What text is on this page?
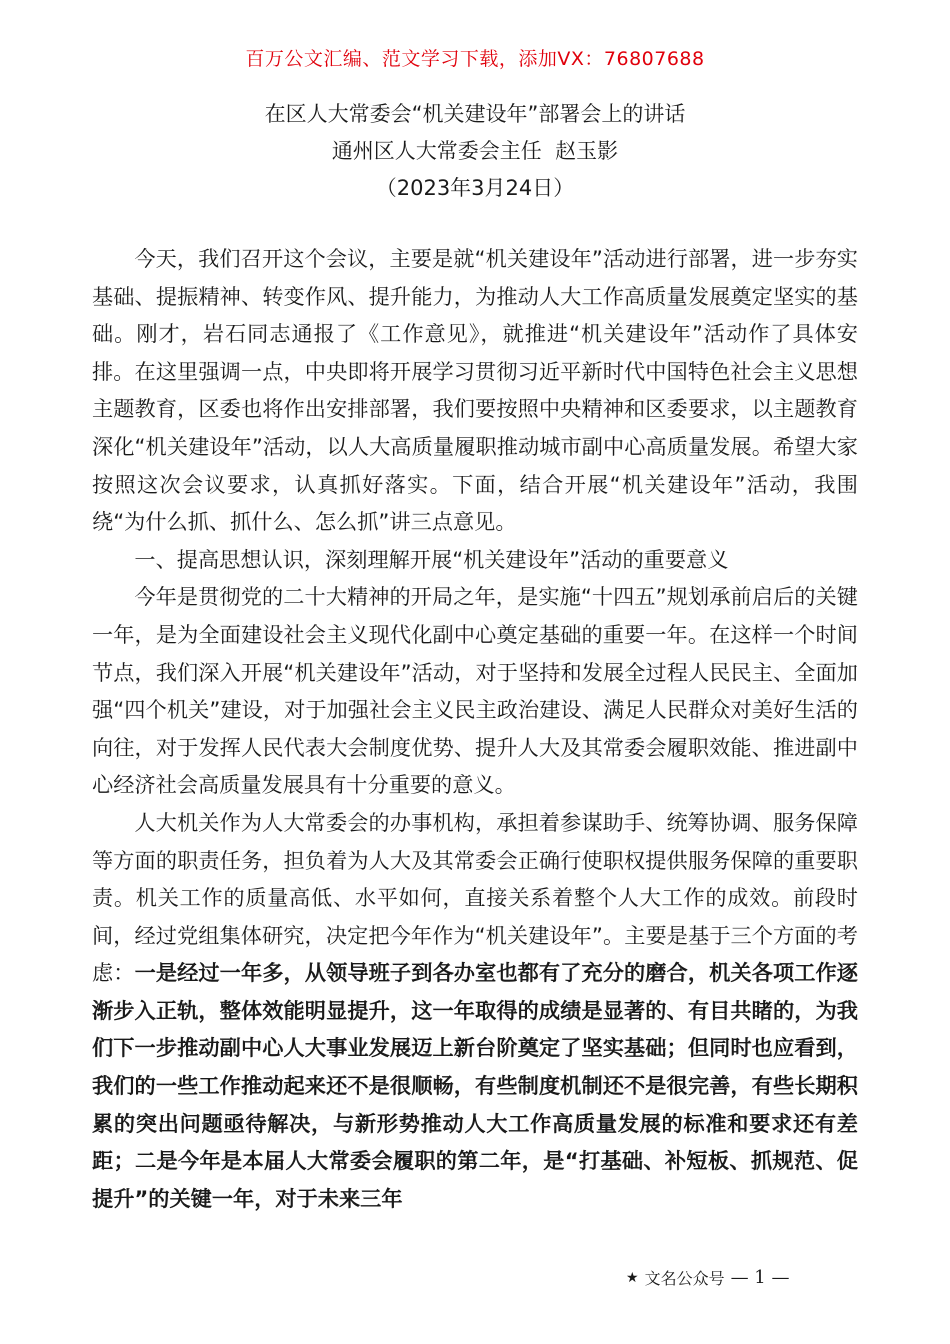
百万公文汇编、范文学习下载，添加VX：76807688
在区人大常委会“机关建设年”部署会上的讲话
通州区人大常委会主任  赵玉影
（2023年3月24日）

今天，我们召开这个会议，主要是就“机关建设年”活动进行部署，进一步夯实基础、提振精神、转变作风、提升能力，为推动人大工作高质量发展奠定坚实的基础。刚才，岩石同志通报了《工作意见》，就推进“机关建设年”活动作了具体安排。在这里强调一点，中央即将开展学习贯彻习近平新时代中国特色社会主义思想主题教育，区委也将作出安排部署，我们要按照中央精神和区委要求，以主题教育深化“机关建设年”活动，以人大高质量履职推动城市副中心高质量发展。希望大家按照这次会议要求，认真抓好落实。下面，结合开展“机关建设年”活动，我围绕“为什么抓、抓什么、怎么抓”讲三点意见。

一、提高思想认识，深刻理解开展“机关建设年”活动的重要意义

今年是贯彻党的二十大精神的开局之年，是实施“十四五”规划承前启后的关键一年，是为全面建设社会主义现代化副中心奠定基础的重要一年。在这样一个时间节点，我们深入开展“机关建设年”活动，对于坚持和发展全过程人民民主、全面加强“四个机关”建设，对于加强社会主义民主政治建设、满足人民群众对美好生活的向往，对于发挥人民代表大会制度优势、提升人大及其常委会履职效能、推进副中心经济社会高质量发展具有十分重要的意义。

人大机关作为人大常委会的办事机构，承担着参谋助手、统筹协调、服务保障等方面的职责任务，担负着为人大及其常委会正确行使职权提供服务保障的重要职责。机关工作的质量高低、水平如何，直接关系着整个人大工作的成效。前段时间，经过党组集体研究，决定把今年作为“机关建设年”。主要是基于三个方面的考虑：一是经过一年多，从领导班子到各办室也都有了充分的磨合，机关各项工作逐渐步入正轨，整体效能明显提升，这一年取得的成绩是显著的、有目共睹的，为我们下一步推动副中心人大事业发展迈上新台阶奠定了坚实基础；但同时也应看到，我们的一些工作推动起来还不是很顺畅，有些制度机制还不是很完善，有些长期积累的突出问题亟待解决，与新形势推动人大工作高质量发展的标准和要求还有差距；二是今年是本届人大常委会履职的第二年，是“打基础、补短板、抓规范、促提升”的关键一年，对于未来三年

★ 文名公众号 — 1 —
